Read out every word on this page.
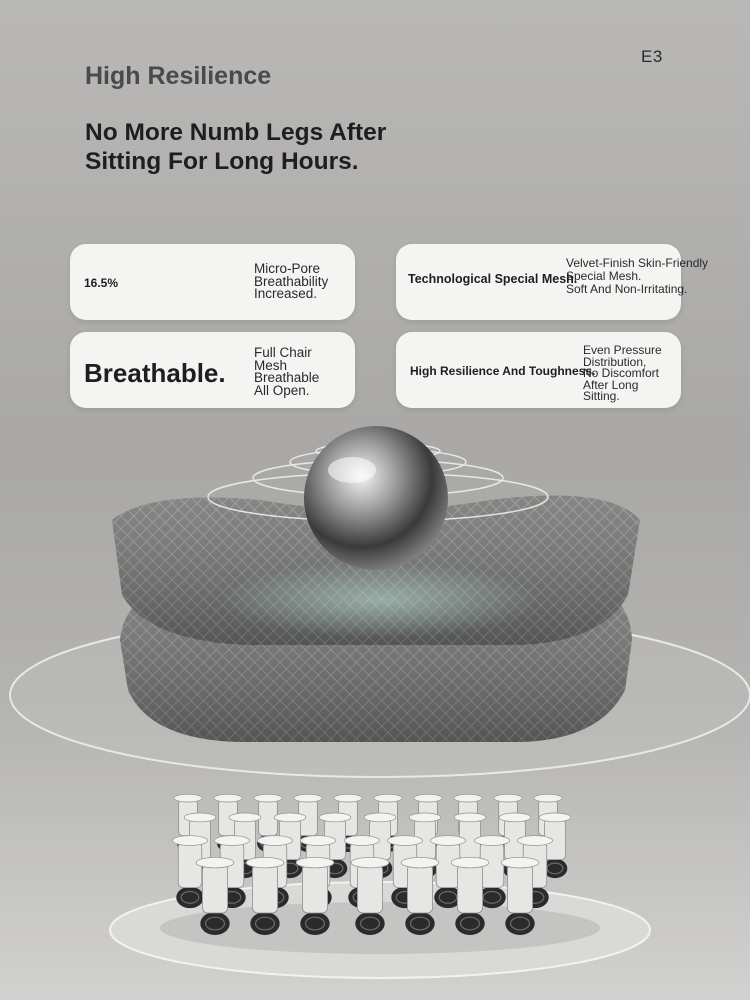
E3
High Resilience
No More Numb Legs After
Sitting For Long Hours.
16.5%
Micro-Pore
Breathability
Increased.
Technological Special Mesh.
Velvet-Finish Skin-Friendly
Special Mesh.
Soft And Non-Irritating.
Breathable.
Full Chair
Mesh
Breathable
All Open.
High Resilience And Toughness.
Even Pressure
Distribution,
No Discomfort
After Long
Sitting.
